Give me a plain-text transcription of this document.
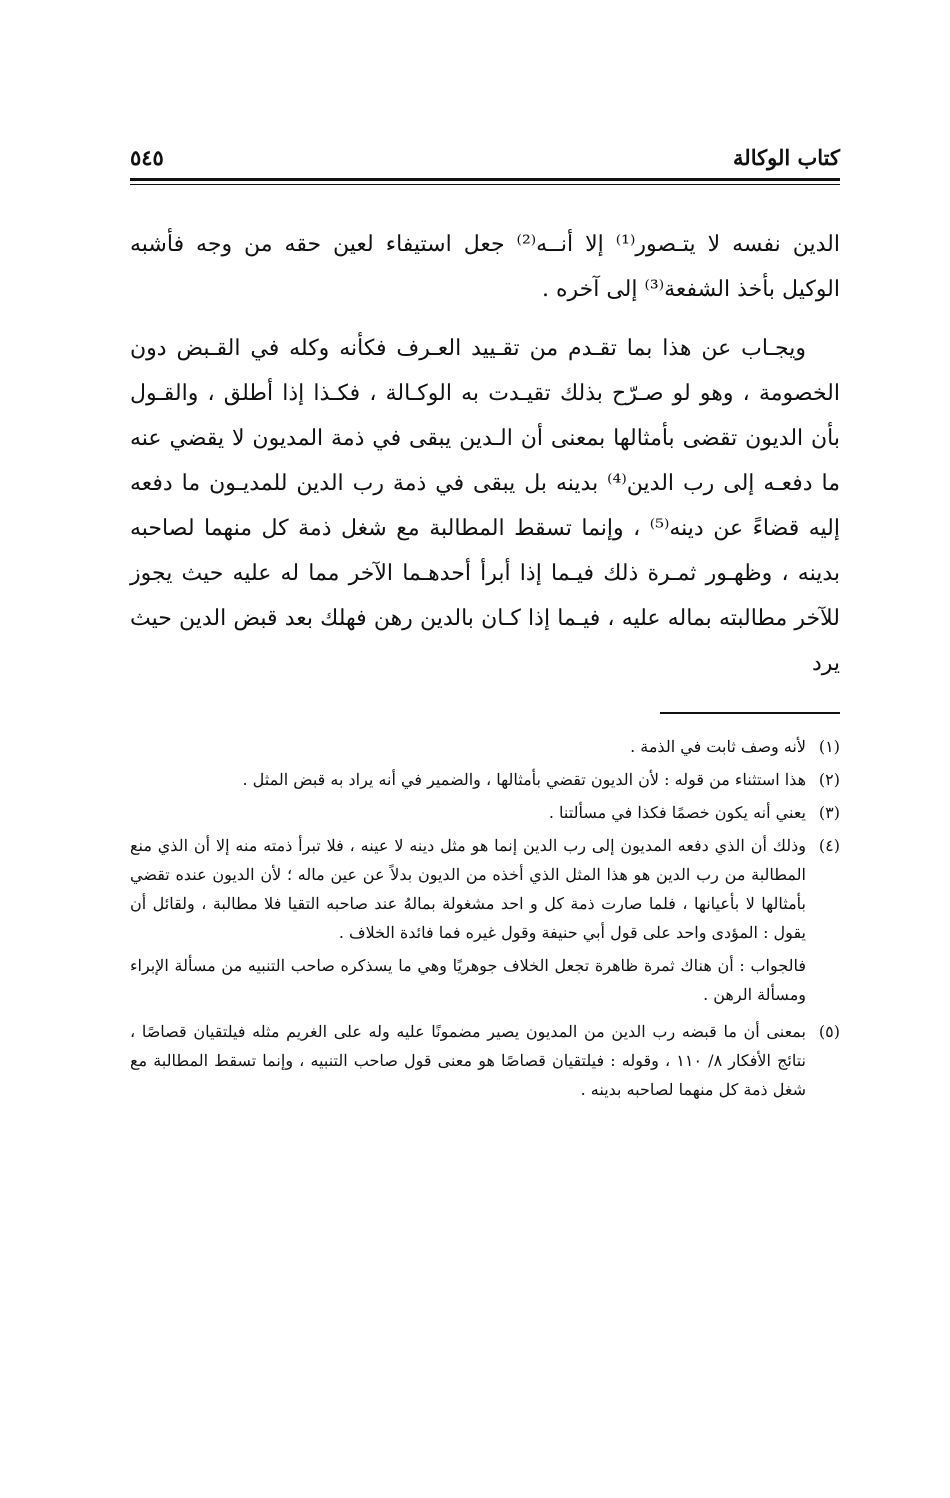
كتاب الوكالة
٥٤٥

الدين نفسه لا يتـصور⁽¹⁾ إلا أنــه⁽²⁾ جعل استيفاء لعين حقه من وجه فأشبه الوكيل بأخذ الشفعة⁽³⁾ إلى آخره .

ويجـاب عن هذا بما تقـدم من تقـييد العـرف فكأنه وكله في القـبض دون الخصومة ، وهو لو صـرّح بذلك تقيـدت به الوكـالة ، فكـذا إذا أطلق ، والقـول بأن الديون تقضى بأمثالها بمعنى أن الـدين يبقى في ذمة المديون لا يقضي عنه ما دفعـه إلى رب الدين⁽⁴⁾ بدينه بل يبقى في ذمة رب الدين للمديـون ما دفعه إليه قضاءً عن دينه⁽⁵⁾ ، وإنما تسقط المطالبة مع شغل ذمة كل منهما لصاحبه بدينه ، وظهـور ثمـرة ذلك فيـما إذا أبرأ أحدهـما الآخر مما له عليه حيث يجوز للآخر مطالبته بماله عليه ، فيـما إذا كـان بالدين رهن فهلك بعد قبض الدين حيث يرد

(١)

لأنه وصف ثابت في الذمة .

(٢)

هذا استثناء من قوله : لأن الديون تقضي بأمثالها ، والضمير في أنه يراد به قبض المثل .

(٣)

يعني أنه يكون خصمًا فكذا في مسألتنا .

(٤)

وذلك أن الذي دفعه المديون إلى رب الدين إنما هو مثل دينه لا عينه ، فلا تبرأ ذمته منه إلا أن الذي منع المطالبة من رب الدين هو هذا المثل الذي أخذه من الديون بدلاً عن عين ماله ؛ لأن الديون عنده تقضي بأمثالها لا بأعيانها ، فلما صارت ذمة كل و احد مشغولة بمالهُ عند صاحبه التقيا فلا مطالبة ، ولقائل أن يقول : المؤدى واحد على قول أبي حنيفة وقول غيره فما فائدة الخلاف .

فالجواب : أن هناك ثمرة ظاهرة تجعل الخلاف جوهريًا وهي ما يسذكره صاحب التنبيه من مسألة الإبراء ومسألة الرهن .

(٥)

بمعنى أن ما قبضه رب الدين من المديون يصير مضمونًا عليه وله على الغريم مثله فيلتقيان قصاصًا ، نتائج الأفكار ٨/ ١١٠ ، وقوله : فيلتقيان قصاصًا هو معنى قول صاحب التنبيه ، وإنما تسقط المطالبة مع شغل ذمة كل منهما لصاحبه بدينه .
